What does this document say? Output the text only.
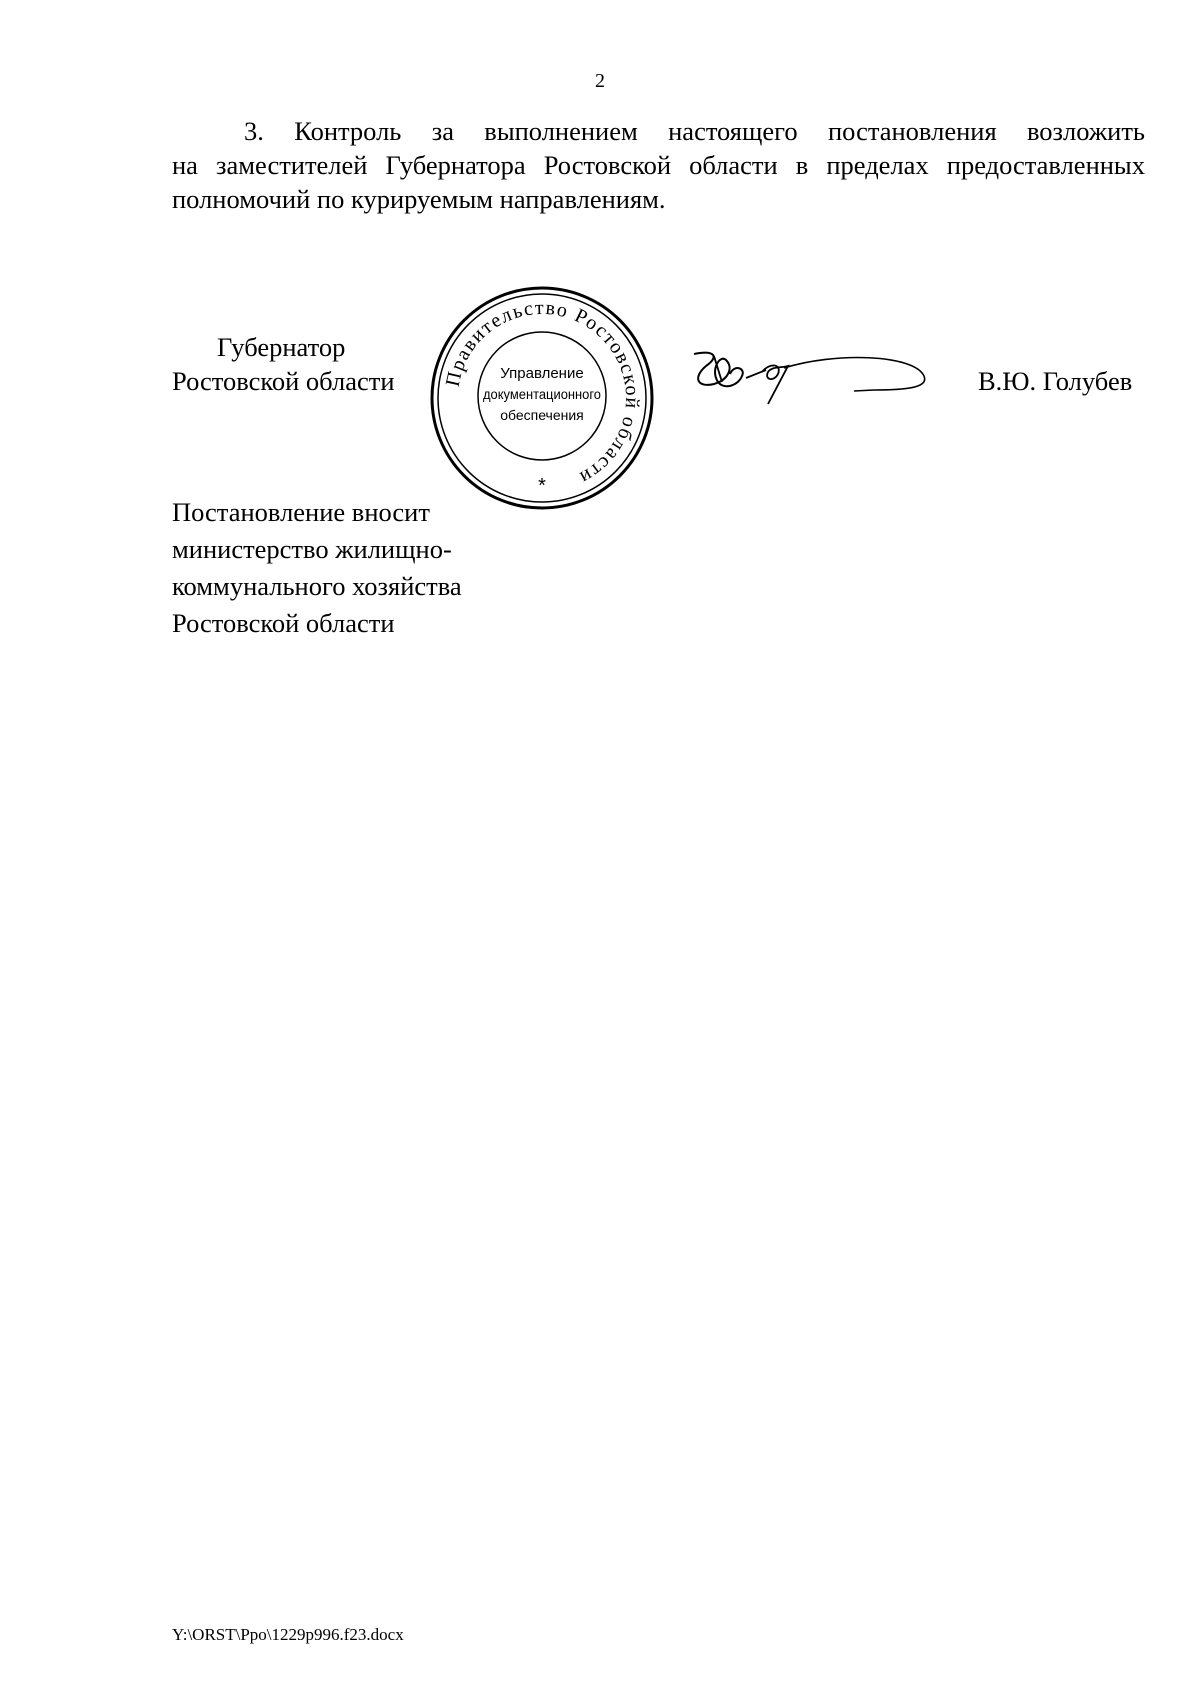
2
3. Контроль за выполнением настоящего постановления возложить
на заместителей Губернатора Ростовской области в пределах предоставленных
полномочий по курируемым направлениям.
Губернатор
Ростовской области Правительство Ростовской области
Управление
документационного
обеспечения
*
В.Ю. Голубев
Постановление вносит
министерство жилищно-
коммунального хозяйства
Ростовской области
Y:\ORST\Ppo\1229p996.f23.docx
